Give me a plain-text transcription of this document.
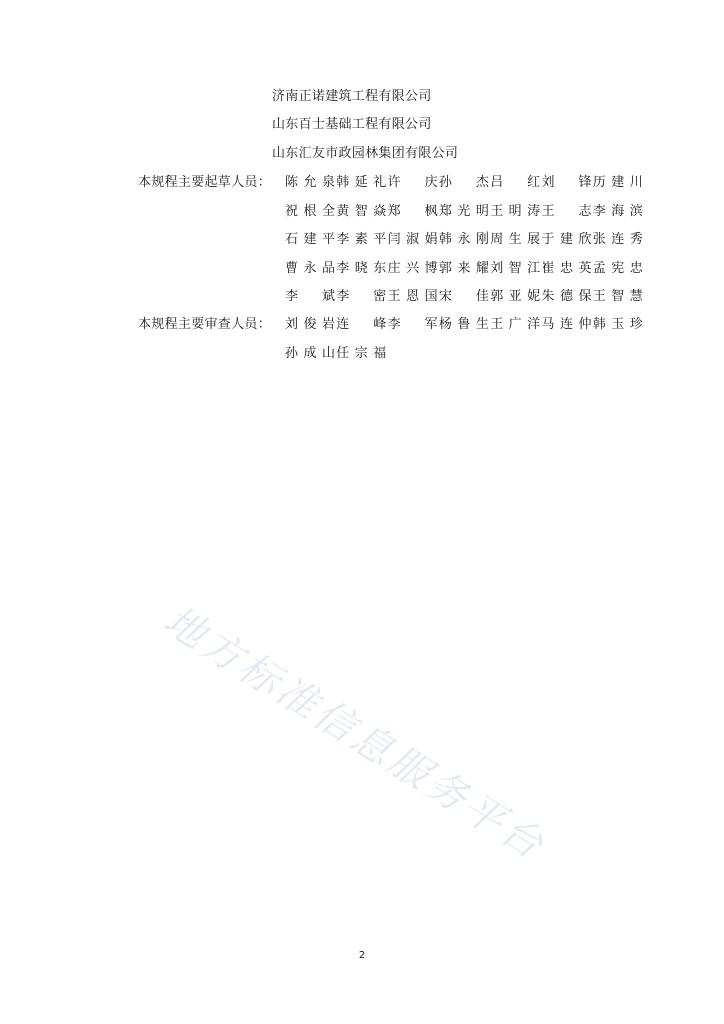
济南正诺建筑工程有限公司
山东百士基础工程有限公司
山东汇友市政园林集团有限公司
本规程主要起草人员：
本规程主要审查人员：
陈 允 泉 韩 延 礼 许 庆 孙 杰 吕 红 刘 锋 历 建 川
祝 根 全 黄 智 焱 郑 枫 郑 光 明 王 明 涛 王 志 李 海 滨
石 建 平 李 素 平 闫 淑 娟 韩 永 刚 周 生 展 于 建 欣 张 连 秀
曹 永 品 李 晓 东 庄 兴 博 郭 来 耀 刘 智 江 崔 忠 英 孟 宪 忠
李 斌 李 密 王 恩 国 宋 佳 郭 亚 妮 朱 德 保 王 智 慧
刘 俊 岩 连 峰 李 军 杨 鲁 生 王 广 洋 马 连 仲 韩 玉 珍
孙 成 山 任 宗 福
地方标准信息服务平台
2
